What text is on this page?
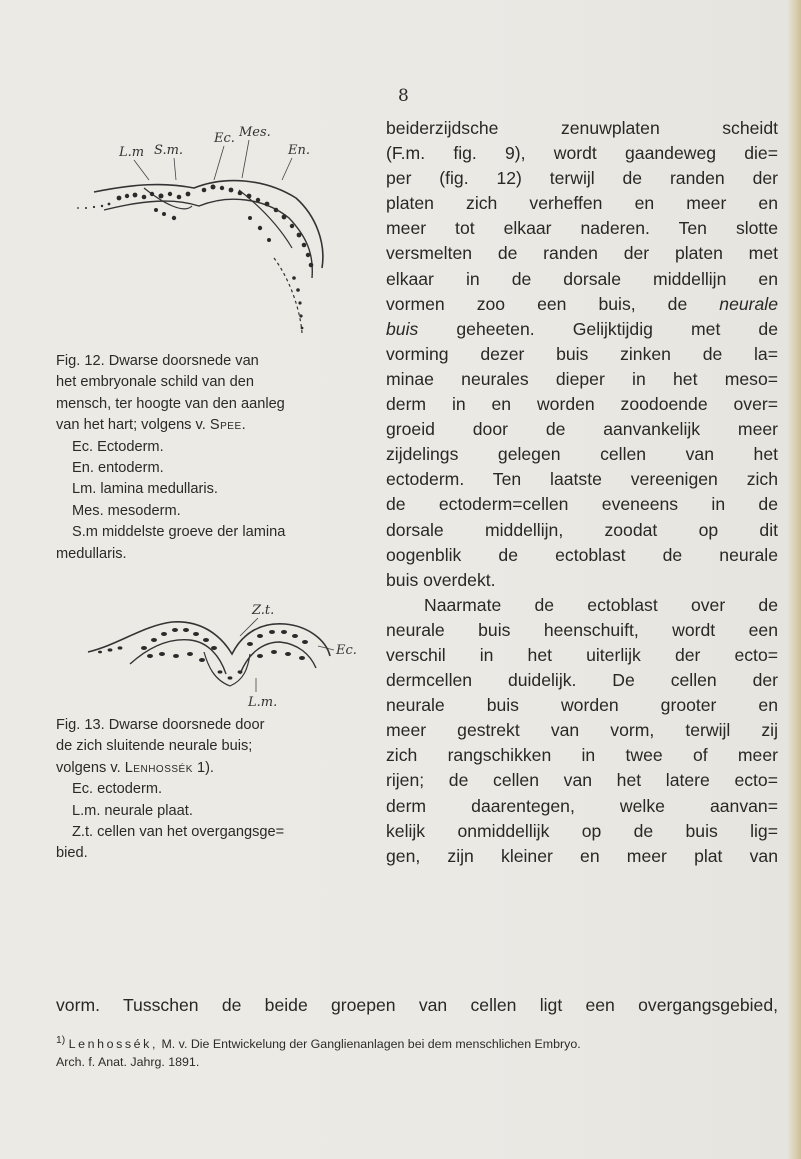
8
L.m S.m.
Ec. Mes.
En.
Fig. 12. Dwarse doorsnede van
het embryonale schild van den
mensch, ter hoogte van den aanleg
van het hart; volgens v. Spee.
Ec. Ectoderm.
En. entoderm.
Lm. lamina medullaris.
Mes. mesoderm.
S.m middelste groeve der lamina
medullaris.
Z.t.
Ec.
L.m.
Fig. 13. Dwarse doorsnede door
de zich sluitende neurale buis;
volgens v. Lenhossék 1).
Ec. ectoderm.
L.m. neurale plaat.
Z.t. cellen van het overgangsge=
bied.
beiderzijdsche zenuwplaten scheidt
(F.m. fig. 9), wordt gaandeweg die=
per (fig. 12) terwijl de randen der
platen zich verheffen en meer en
meer tot elkaar naderen. Ten slotte
versmelten de randen der platen met
elkaar in de dorsale middellijn en
vormen zoo een buis, de neurale
buis geheeten. Gelijktijdig met de
vorming dezer buis zinken de la=
minae neurales dieper in het meso=
derm in en worden zoodoende over=
groeid door de aanvankelijk meer
zijdelings gelegen cellen van het
ectoderm. Ten laatste vereenigen zich
de ectoderm=cellen eveneens in de
dorsale middellijn, zoodat op dit
oogenblik de ectoblast de neurale
buis overdekt.
Naarmate de ectoblast over de
neurale buis heenschuift, wordt een
verschil in het uiterlijk der ecto=
dermcellen duidelijk. De cellen der
neurale buis worden grooter en
meer gestrekt van vorm, terwijl zij
zich rangschikken in twee of meer
rijen; de cellen van het latere ecto=
derm daarentegen, welke aanvan=
kelijk onmiddellijk op de buis lig=
gen, zijn kleiner en meer plat van
vorm. Tusschen de beide groepen van cellen ligt een overgangsgebied,
$^{1)}$ Lenhossék, M. v. Die Entwickelung der Ganglienanlagen bei dem menschlichen Embryo.
Arch. f. Anat. Jahrg. 1891.
